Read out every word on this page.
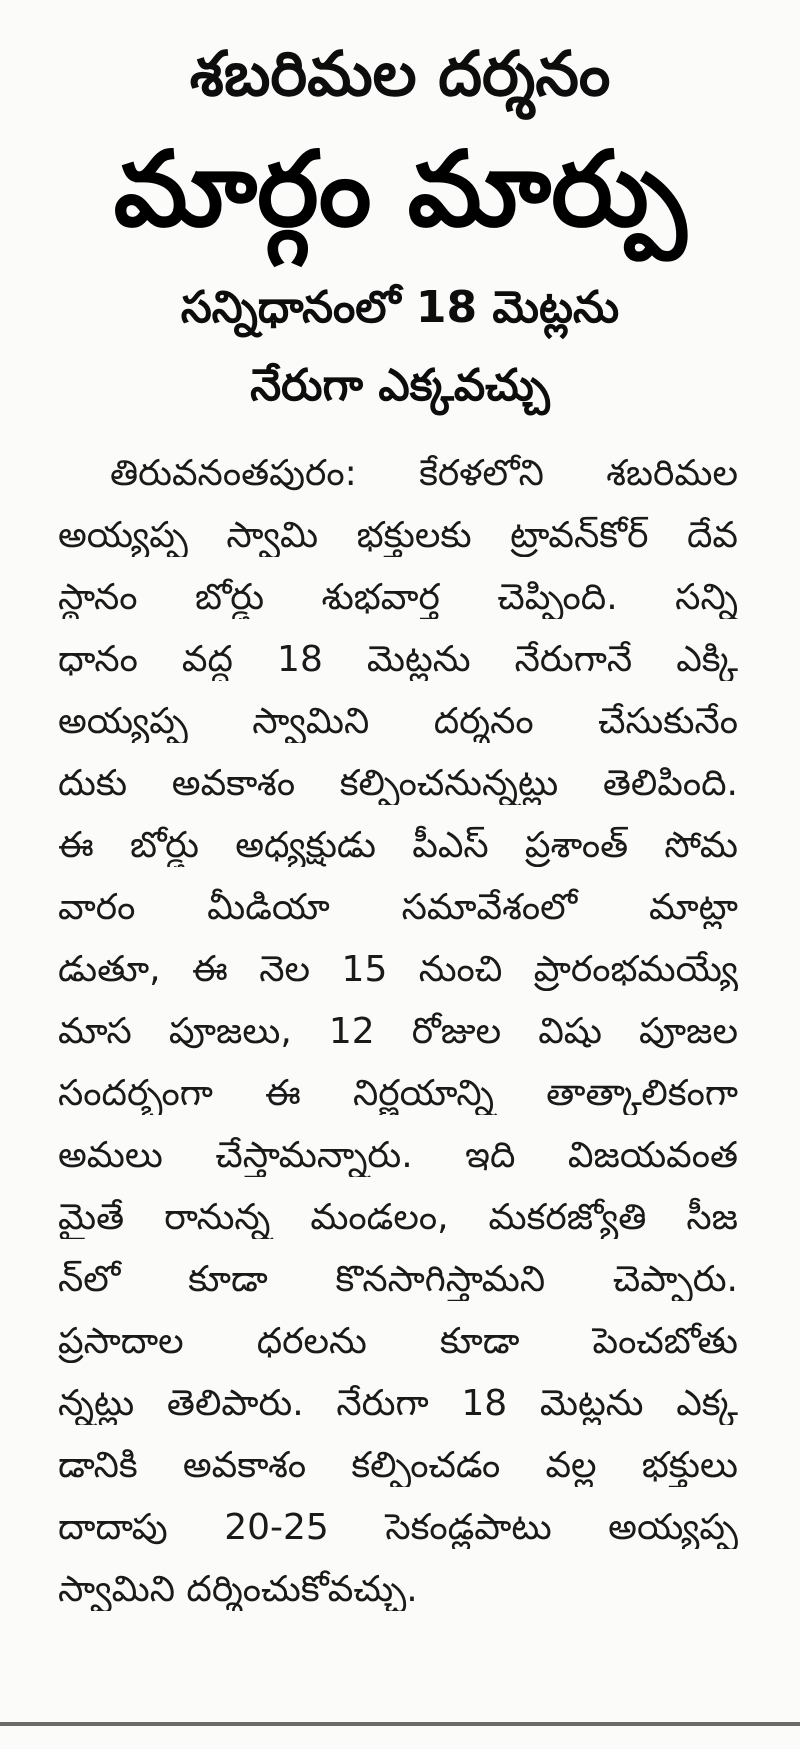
శబరిమల దర్శనం
మార్గం మార్పు
సన్నిధానంలో 18 మెట్లను
నేరుగా ఎక్కవచ్చు
తిరువనంతపురం: కేరళలోని శబరిమల
అయ్యప్ప స్వామి భక్తులకు ట్రావన్‌కోర్ దేవ
స్థానం బోర్డు శుభవార్త చెప్పింది. సన్ని
ధానం వద్ద 18 మెట్లను నేరుగానే ఎక్కి
అయ్యప్ప స్వామిని దర్శనం చేసుకునేం
దుకు అవకాశం కల్పించనున్నట్లు తెలిపింది.
ఈ బోర్డు అధ్యక్షుడు పీఎస్ ప్రశాంత్ సోమ
వారం మీడియా సమావేశంలో మాట్లా
డుతూ, ఈ నెల 15 నుంచి ప్రారంభమయ్యే
మాస పూజలు, 12 రోజుల విషు పూజల
సందర్భంగా ఈ నిర్ణయాన్ని తాత్కాలికంగా
అమలు చేస్తామన్నారు. ఇది విజయవంత
మైతే రానున్న మండలం, మకరజ్యోతి సీజ
న్‌లో కూడా కొనసాగిస్తామని చెప్పారు.
ప్రసాదాల ధరలను కూడా పెంచబోతు
న్నట్లు తెలిపారు. నేరుగా 18 మెట్లను ఎక్క
డానికి అవకాశం కల్పించడం వల్ల భక్తులు
దాదాపు 20-25 సెకండ్లపాటు అయ్యప్ప
స్వామిని దర్శించుకోవచ్చు.
